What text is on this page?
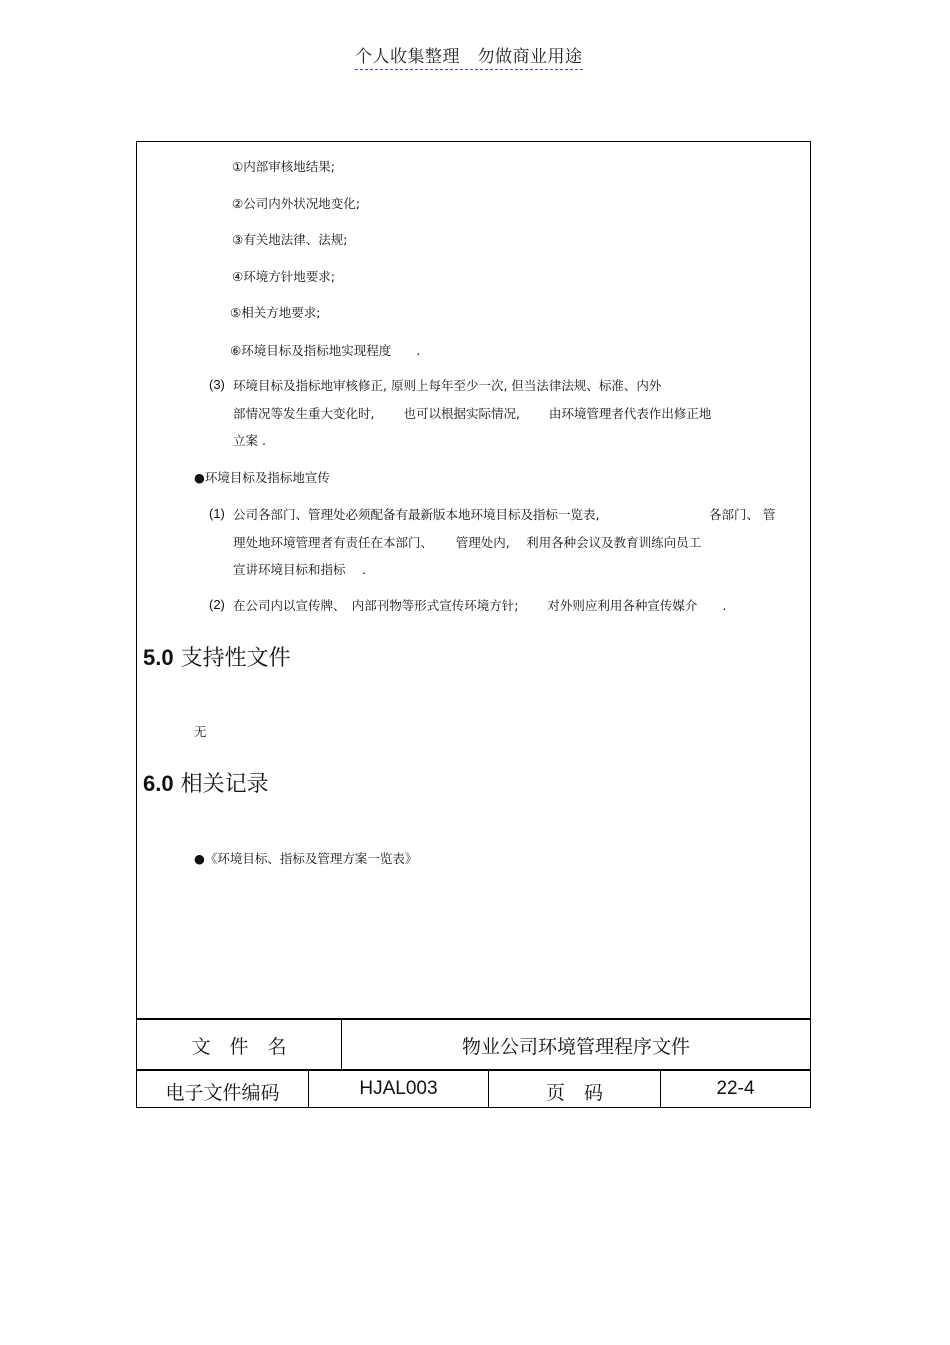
个人收集整理　勿做商业用途
①内部审核地结果;
②公司内外状况地变化;
③有关地法律、法规;
④环境方针地要求;
⑤相关方地要求;
⑥环境目标及指标地实现程度　　.
(3) 环境目标及指标地审核修正, 原则上每年至少一次, 但当法律法规、标准、内外
部情况等发生重大变化时,　　 也可以根据实际情况,　　 由环境管理者代表作出修正地
立案 .
●环境目标及指标地宣传
(1) 公司各部门、管理处必须配备有最新版本地环境目标及指标一览表,	各部门、 管
理处地环境管理者有责任在本部门、　　 管理处内,　 利用各种会议及教育训练向员工
宣讲环境目标和指标　 .
(2) 在公司内以宣传牌、　内部刊物等形式宣传环境方针;　　 对外则应利用各种宣传媒介　　.
5.0 支持性文件
无
6.0 相关记录
●《环境目标、指标及管理方案一览表》
文　件　名	物业公司环境管理程序文件
电子文件编码	HJAL003	页　码	22-4
